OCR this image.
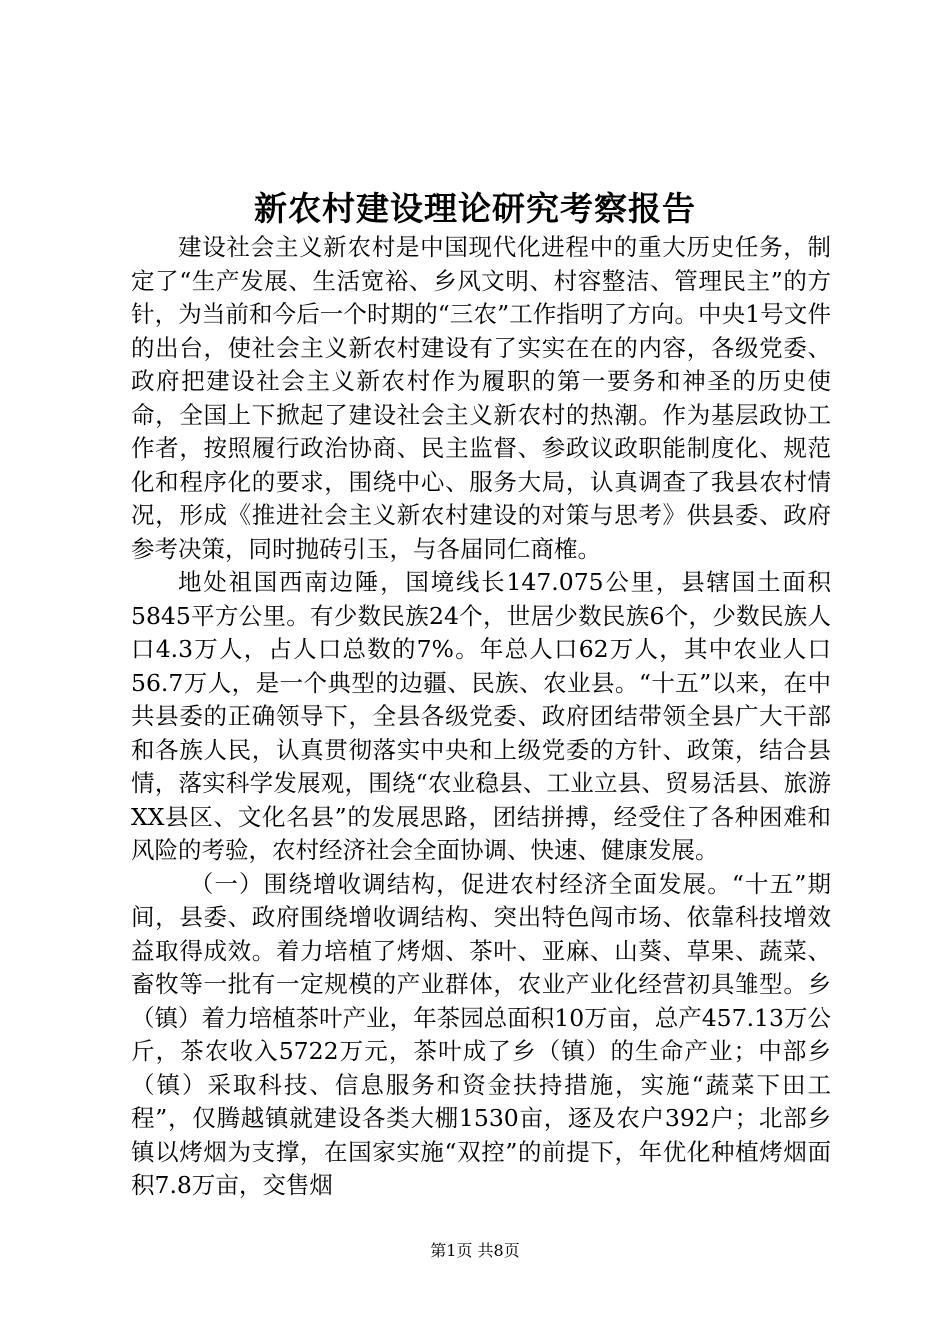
新农村建设理论研究考察报告

建设社会主义新农村是中国现代化进程中的重大历史任务，制定了“生产发展、生活宽裕、乡风文明、村容整洁、管理民主”的方针，为当前和今后一个时期的“三农”工作指明了方向。中央1号文件的出台，使社会主义新农村建设有了实实在在的内容，各级党委、政府把建设社会主义新农村作为履职的第一要务和神圣的历史使命，全国上下掀起了建设社会主义新农村的热潮。作为基层政协工作者，按照履行政治协商、民主监督、参政议政职能制度化、规范化和程序化的要求，围绕中心、服务大局，认真调查了我县农村情况，形成《推进社会主义新农村建设的对策与思考》供县委、政府参考决策，同时抛砖引玉，与各届同仁商榷。

地处祖国西南边陲，国境线长147.075公里，县辖国土面积5845平方公里。有少数民族24个，世居少数民族6个，少数民族人口4.3万人，占人口总数的7%。年总人口62万人，其中农业人口56.7万人，是一个典型的边疆、民族、农业县。“十五”以来，在中共县委的正确领导下，全县各级党委、政府团结带领全县广大干部和各族人民，认真贯彻落实中央和上级党委的方针、政策，结合县情，落实科学发展观，围绕“农业稳县、工业立县、贸易活县、旅游XX县区、文化名县”的发展思路，团结拼搏，经受住了各种困难和风险的考验，农村经济社会全面协调、快速、健康发展。

（一）围绕增收调结构，促进农村经济全面发展。“十五”期间，县委、政府围绕增收调结构、突出特色闯市场、依靠科技增效益取得成效。着力培植了烤烟、茶叶、亚麻、山葵、草果、蔬菜、畜牧等一批有一定规模的产业群体，农业产业化经营初具雏型。乡（镇）着力培植茶叶产业，年茶园总面积10万亩，总产457.13万公斤，茶农收入5722万元，茶叶成了乡（镇）的生命产业；中部乡（镇）采取科技、信息服务和资金扶持措施，实施“蔬菜下田工程”，仅腾越镇就建设各类大棚1530亩，逐及农户392户；北部乡镇以烤烟为支撑，在国家实施“双控”的前提下，年优化种植烤烟面积7.8万亩，交售烟

第1页 共8页
